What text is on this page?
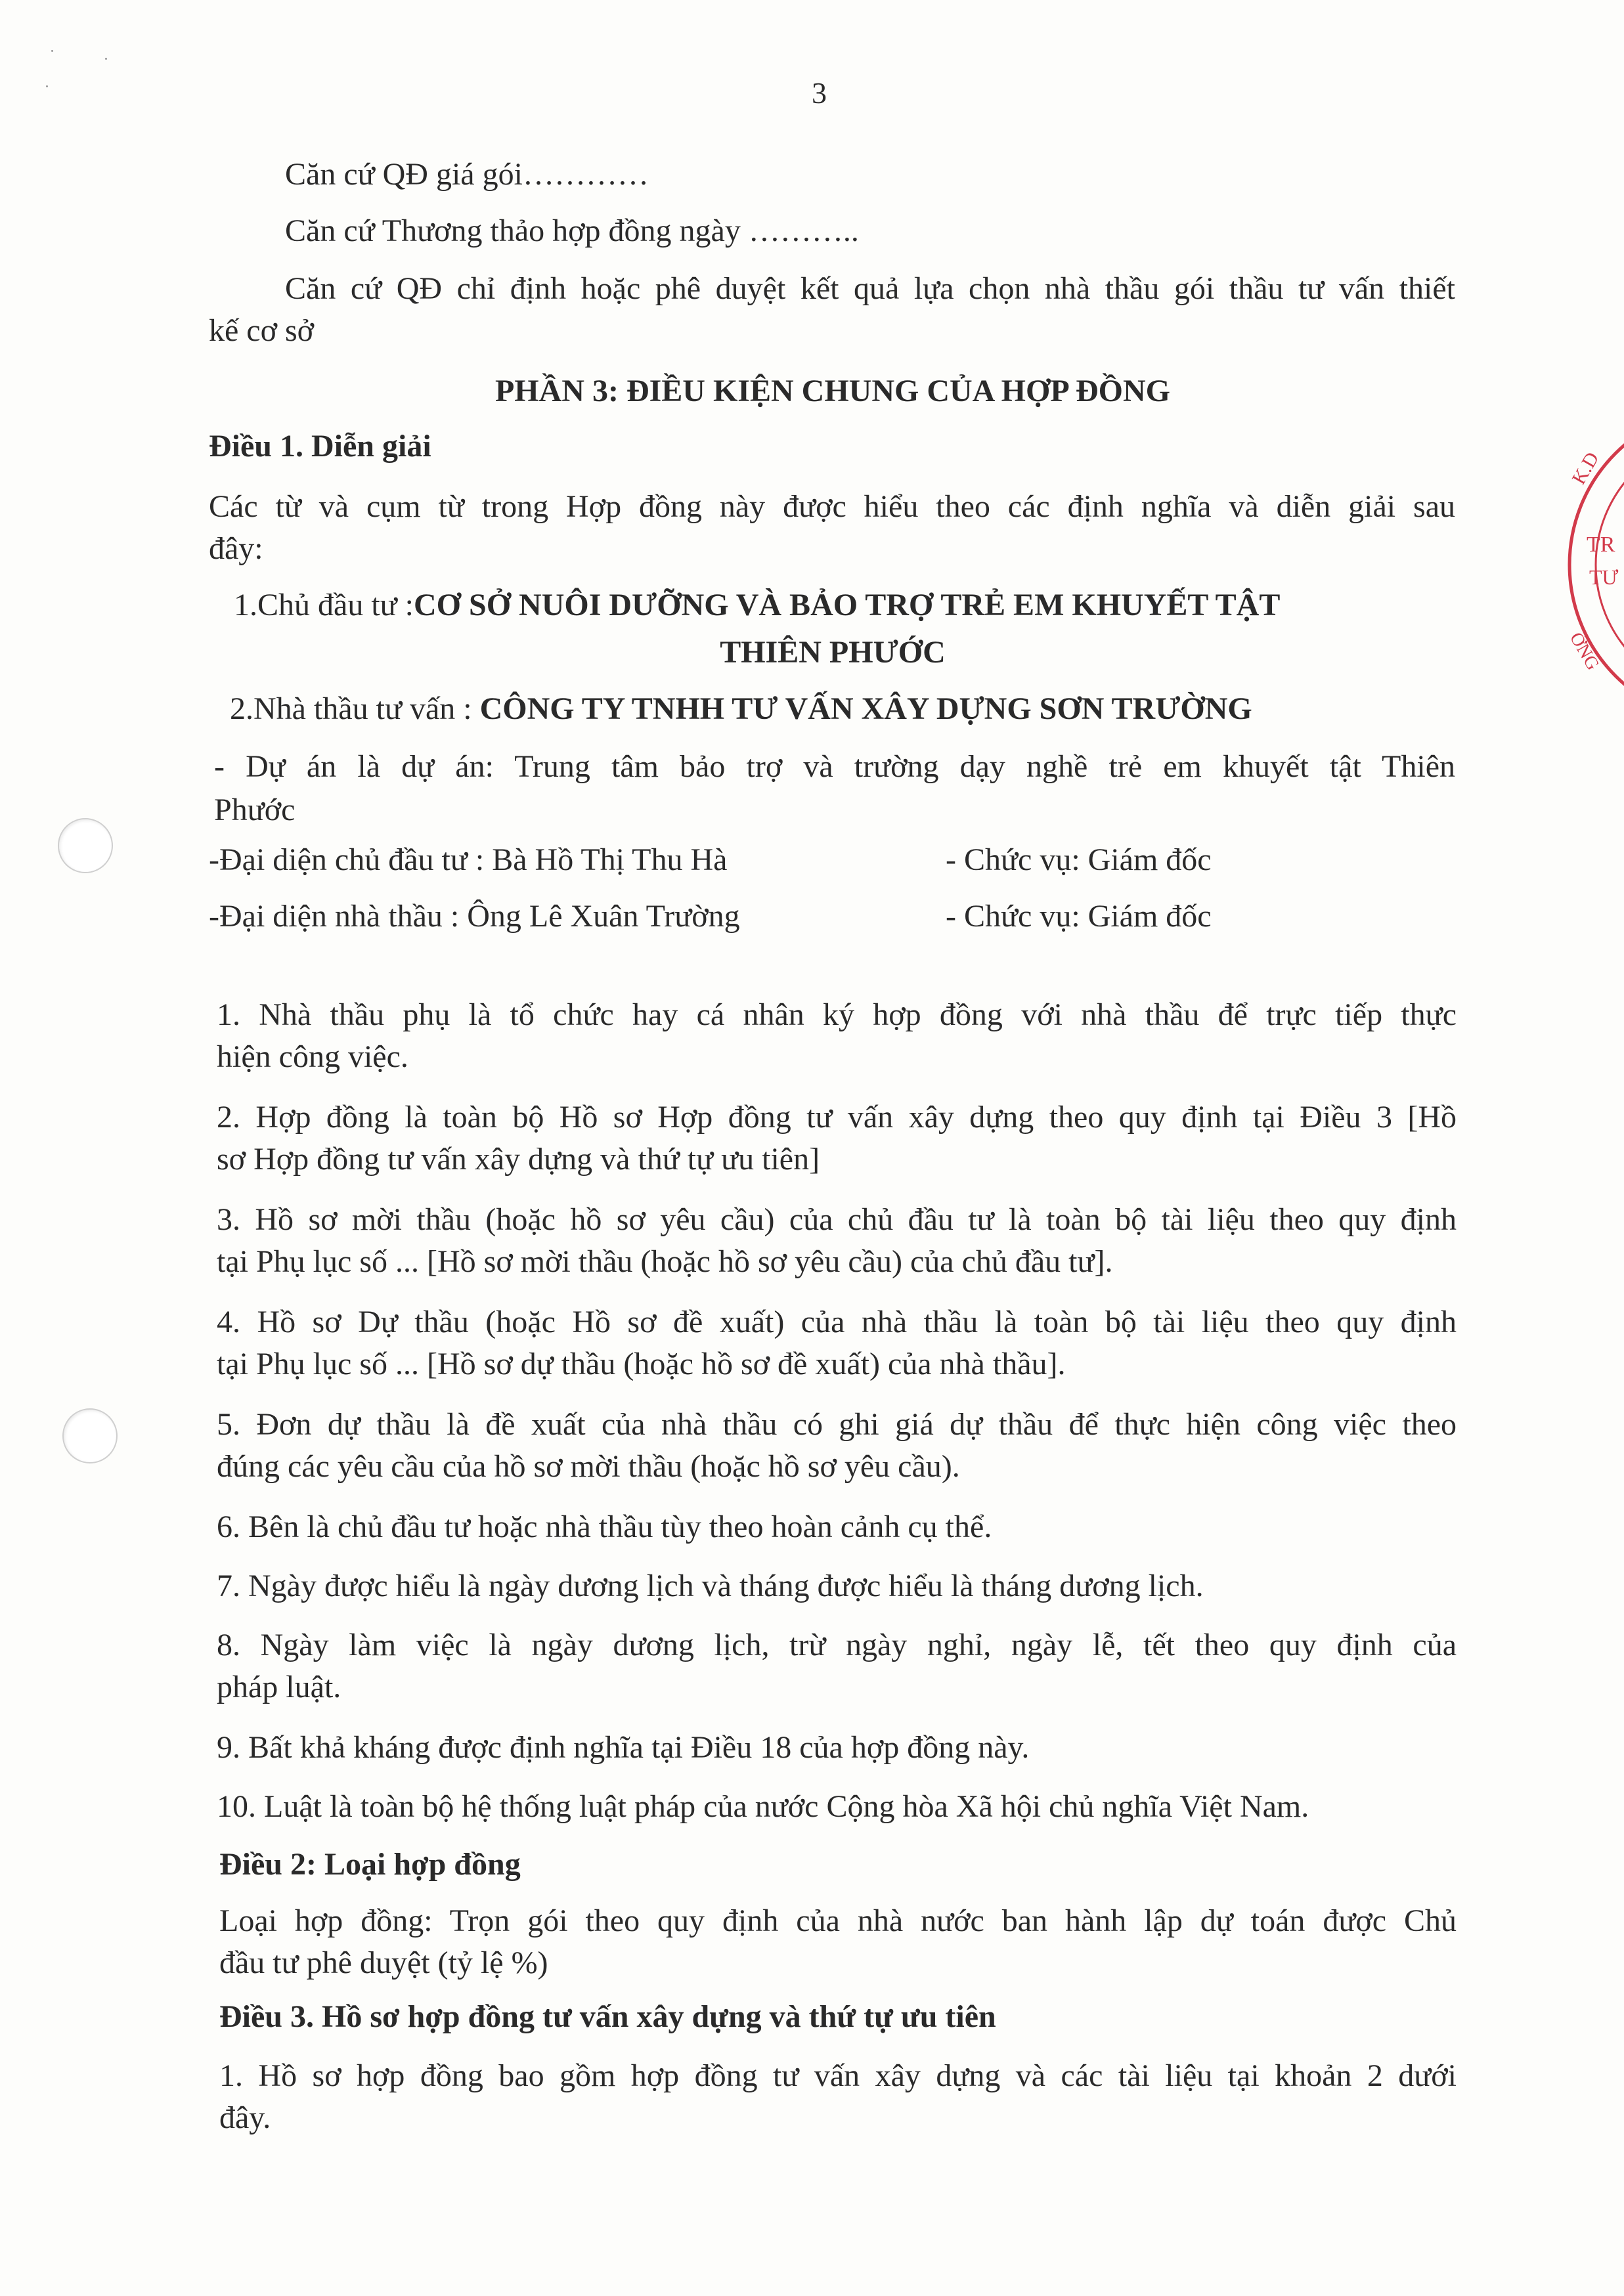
K.D
TR
TƯ
ỜNG
3
Căn cứ QĐ giá gói…………
Căn cứ Thương thảo hợp đồng ngày ………..
Căn cứ QĐ chỉ định hoặc phê duyệt kết quả lựa chọn nhà thầu gói thầu tư vấn thiết
kế cơ sở
PHẦN 3: ĐIỀU KIỆN CHUNG CỦA HỢP ĐỒNG
Điều 1. Diễn giải
Các từ và cụm từ trong Hợp đồng này được hiểu theo các định nghĩa và diễn giải sau
đây:
1.Chủ đầu tư :CƠ SỞ NUÔI DƯỠNG VÀ BẢO TRỢ TRẺ EM KHUYẾT TẬT
THIÊN PHƯỚC
2.Nhà thầu tư vấn : CÔNG TY TNHH TƯ VẤN XÂY DỰNG SƠN TRƯỜNG
- Dự án là dự án: Trung tâm bảo trợ và trường dạy nghề trẻ em khuyết tật Thiên
Phước
-Đại diện chủ đầu tư : Bà Hồ Thị Thu Hà	- Chức vụ: Giám đốc
-Đại diện nhà thầu : Ông Lê Xuân Trường	- Chức vụ: Giám đốc
1. Nhà thầu phụ là tổ chức hay cá nhân ký hợp đồng với nhà thầu để trực tiếp thực
hiện công việc.
2. Hợp đồng là toàn bộ Hồ sơ Hợp đồng tư vấn xây dựng theo quy định tại Điều 3 [Hồ
sơ Hợp đồng tư vấn xây dựng và thứ tự ưu tiên]
3. Hồ sơ mời thầu (hoặc hồ sơ yêu cầu) của chủ đầu tư là toàn bộ tài liệu theo quy định
tại Phụ lục số ... [Hồ sơ mời thầu (hoặc hồ sơ yêu cầu) của chủ đầu tư].
4. Hồ sơ Dự thầu (hoặc Hồ sơ đề xuất) của nhà thầu là toàn bộ tài liệu theo quy định
tại Phụ lục số ... [Hồ sơ dự thầu (hoặc hồ sơ đề xuất) của nhà thầu].
5. Đơn dự thầu là đề xuất của nhà thầu có ghi giá dự thầu để thực hiện công việc theo
đúng các yêu cầu của hồ sơ mời thầu (hoặc hồ sơ yêu cầu).
6. Bên là chủ đầu tư hoặc nhà thầu tùy theo hoàn cảnh cụ thể.
7. Ngày được hiểu là ngày dương lịch và tháng được hiểu là tháng dương lịch.
8. Ngày làm việc là ngày dương lịch, trừ ngày nghỉ, ngày lễ, tết theo quy định của
pháp luật.
9. Bất khả kháng được định nghĩa tại Điều 18 của hợp đồng này.
10. Luật là toàn bộ hệ thống luật pháp của nước Cộng hòa Xã hội chủ nghĩa Việt Nam.
Điều 2: Loại hợp đồng
Loại hợp đồng: Trọn gói theo quy định của nhà nước ban hành lập dự toán được Chủ
đầu tư phê duyệt (tỷ lệ %)
Điều 3. Hồ sơ hợp đồng tư vấn xây dựng và thứ tự ưu tiên
1. Hồ sơ hợp đồng bao gồm hợp đồng tư vấn xây dựng và các tài liệu tại khoản 2 dưới
đây.
